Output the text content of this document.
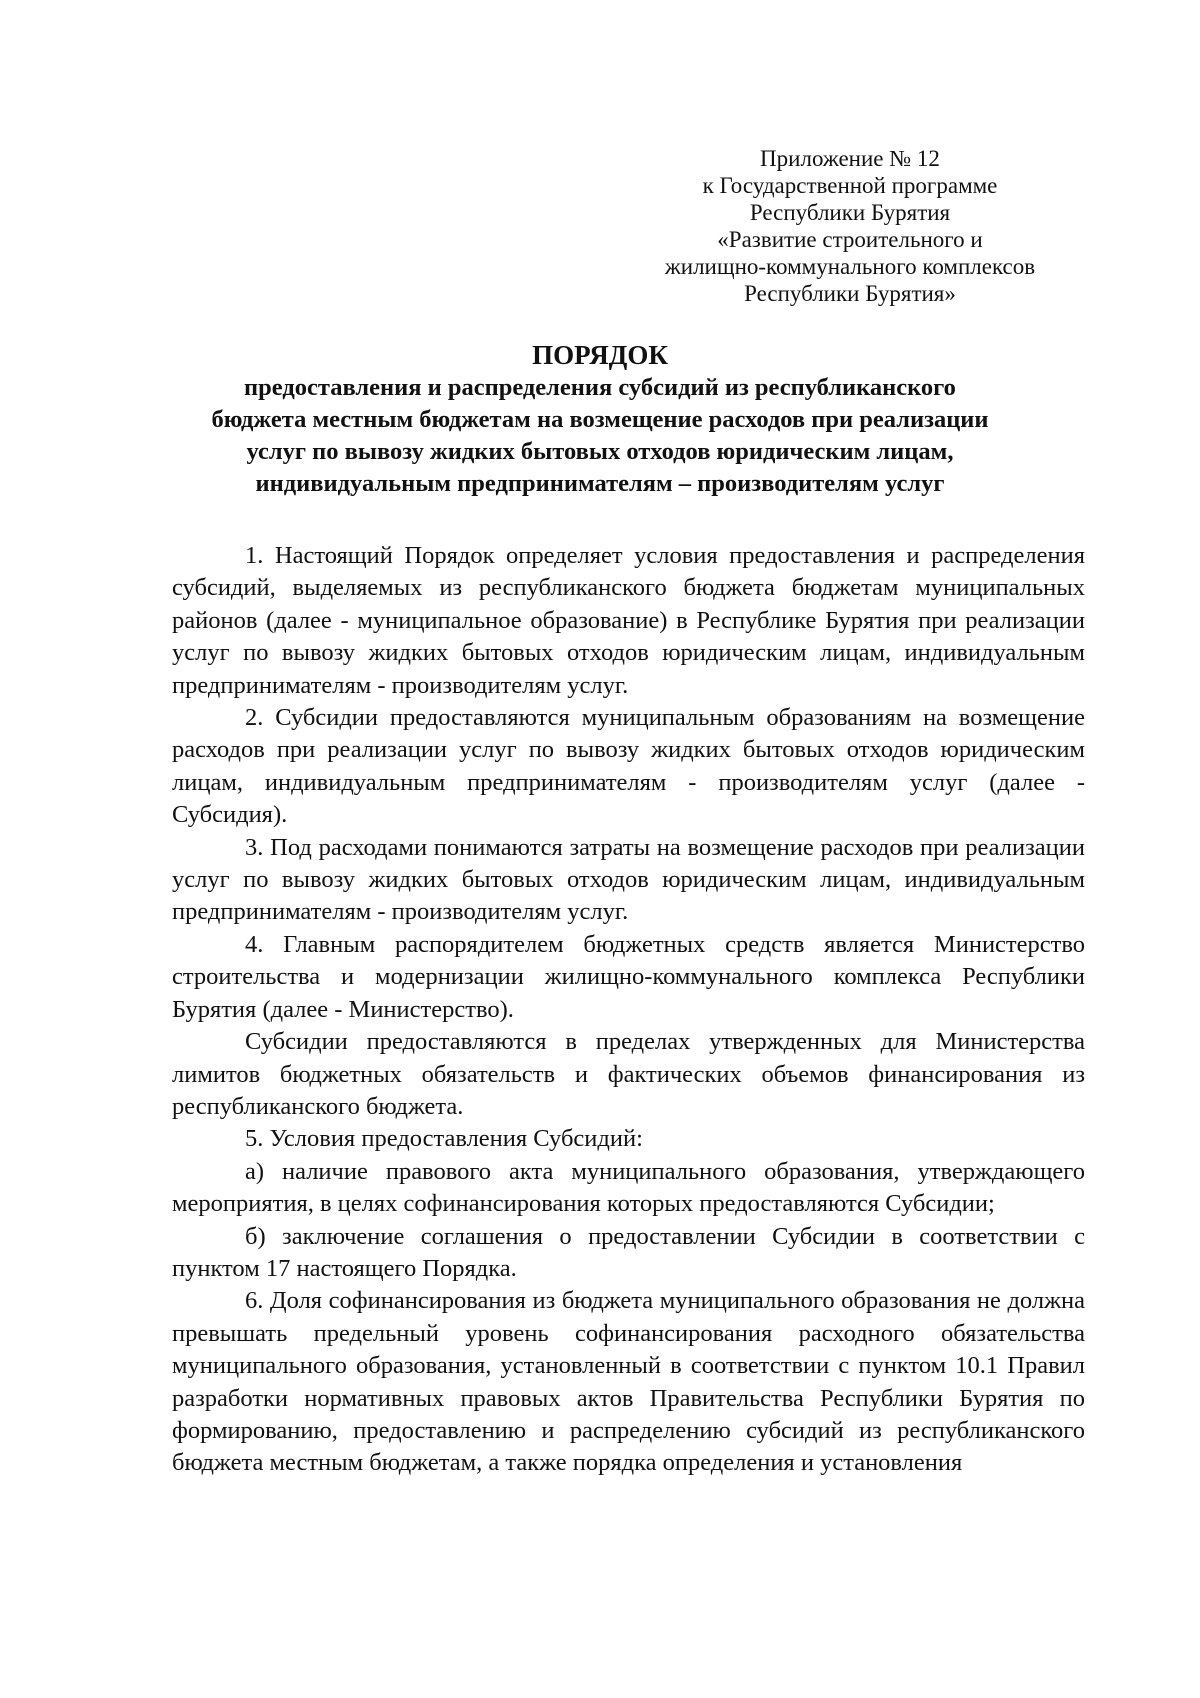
Приложение № 12
к Государственной программе
Республики Бурятия
«Развитие строительного и
жилищно-коммунального комплексов
Республики Бурятия»
ПОРЯДОК
предоставления и распределения субсидий из республиканского
бюджета местным бюджетам на возмещение расходов при реализации
услуг по вывозу жидких бытовых отходов юридическим лицам,
индивидуальным предпринимателям – производителям услуг

1. Настоящий Порядок определяет условия предоставления и распределения субсидий, выделяемых из республиканского бюджета бюджетам муниципальных районов (далее - муниципальное образование) в Республике Бурятия при реализации услуг по вывозу жидких бытовых отходов юридическим лицам, индивидуальным предпринимателям - производителям услуг.

2. Субсидии предоставляются муниципальным образованиям на возмещение расходов при реализации услуг по вывозу жидких бытовых отходов юридическим лицам, индивидуальным предпринимателям - производителям услуг (далее - Субсидия).

3. Под расходами понимаются затраты на возмещение расходов при реализации услуг по вывозу жидких бытовых отходов юридическим лицам, индивидуальным предпринимателям - производителям услуг.

4. Главным распорядителем бюджетных средств является Министерство строительства и модернизации жилищно-коммунального комплекса Республики Бурятия (далее - Министерство).

Субсидии предоставляются в пределах утвержденных для Министерства лимитов бюджетных обязательств и фактических объемов финансирования из республиканского бюджета.

5. Условия предоставления Субсидий:

а) наличие правового акта муниципального образования, утверждающего мероприятия, в целях софинансирования которых предоставляются Субсидии;

б) заключение соглашения о предоставлении Субсидии в соответствии с пунктом 17 настоящего Порядка.

6. Доля софинансирования из бюджета муниципального образования не должна превышать предельный уровень софинансирования расходного обязательства муниципального образования, установленный в соответствии с пунктом 10.1 Правил разработки нормативных правовых актов Правительства Республики Бурятия по формированию, предоставлению и распределению субсидий из республиканского бюджета местным бюджетам, а также порядка определения и установления
